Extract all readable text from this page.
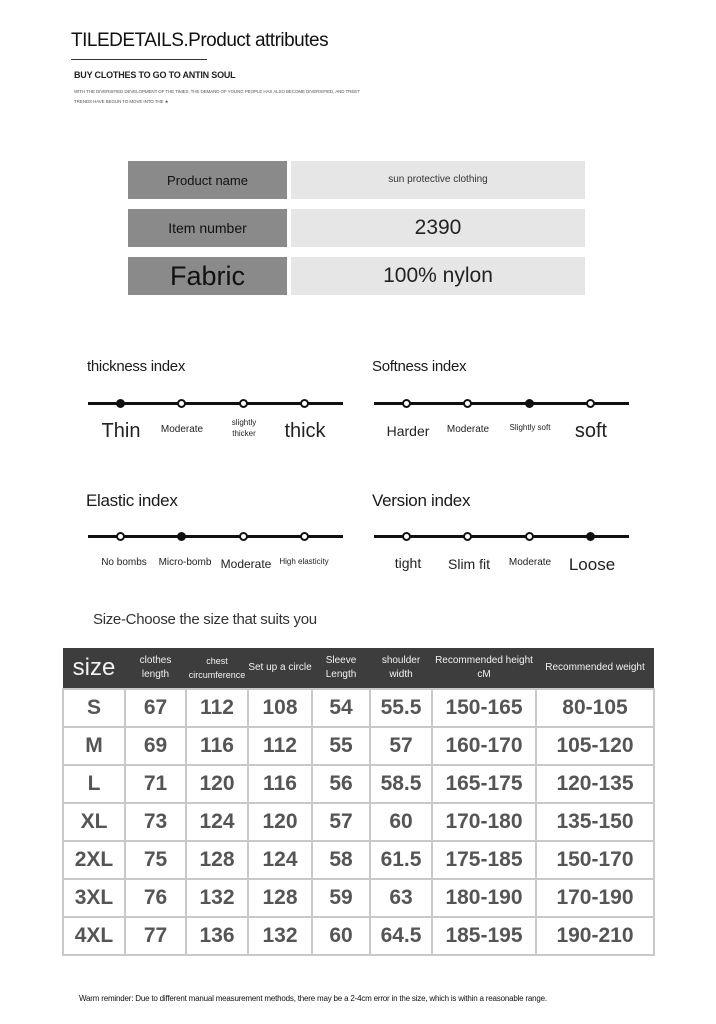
TILEDETAILS.Product attributes
BUY CLOTHES TO GO TO ANTIN SOUL
WITH THE DIVERSIFIED DEVELOPMENT OF THE TIMES, THE DEMAND OF YOUNG PEOPLE HAS ALSO BECOME DIVERSIFIED, AND TREET TRENDS HAVE BEGUN TO MOVE INTO THE ★
Product name	sun protective clothing
Item number	2390
Fabric	100% nylon
thickness index
Thin Moderate
slightly thicker	thick
Softness index
Harder Moderate	Slightly soft soft
Elastic index
No bombs Micro-bomb Moderate High elasticity
Version index
tight Slim fit Moderate Loose
Size-Choose the size that suits you
size	clothes length	chest circumference	Set up a circle	Sleeve Length	shoulder width	Recommended height cM	Recommended weight
S	67	112	108	54	55.5	150-165	80-105
M	69	116	112	55	57	160-170	105-120
L	71	120	116	56	58.5	165-175	120-135
XL	73	124	120	57	60	170-180	135-150
2XL	75	128	124	58	61.5	175-185	150-170
3XL	76	132	128	59	63	180-190	170-190
4XL	77	136	132	60	64.5	185-195	190-210
Warm reminder: Due to different manual measurement methods, there may be a 2-4cm error in the size, which is within a reasonable range.
